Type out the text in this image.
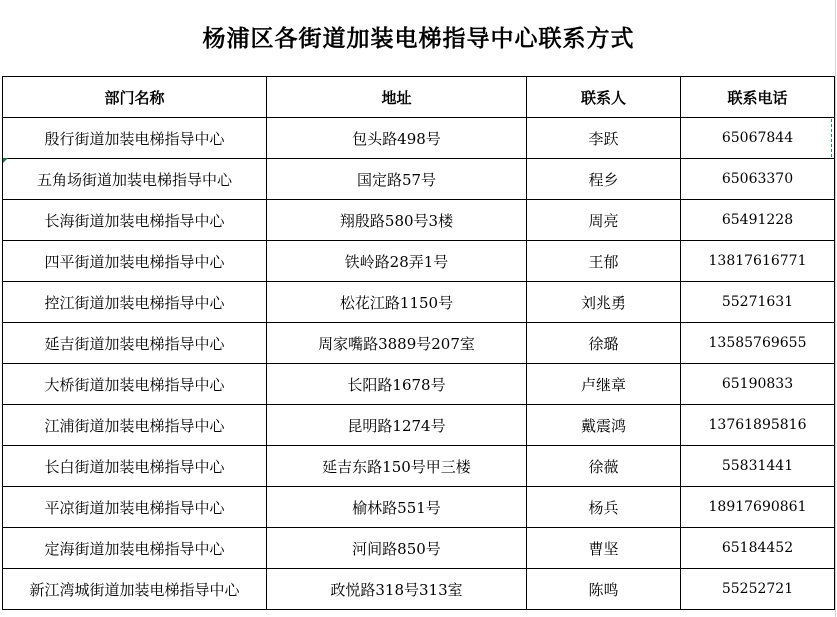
杨浦区各街道加装电梯指导中心联系方式
部门名称	地址	联系人	联系电话
殷行街道加装电梯指导中心	包头路498号	李跃	65067844
五角场街道加装电梯指导中心	国定路57号	程乡	65063370
长海街道加装电梯指导中心	翔殷路580号3楼	周亮	65491228
四平街道加装电梯指导中心	铁岭路28弄1号	王郁	13817616771
控江街道加装电梯指导中心	松花江路1150号	刘兆勇	55271631
延吉街道加装电梯指导中心	周家嘴路3889号207室	徐璐	13585769655
大桥街道加装电梯指导中心	长阳路1678号	卢继章	65190833
江浦街道加装电梯指导中心	昆明路1274号	戴震鸿	13761895816
长白街道加装电梯指导中心	延吉东路150号甲三楼	徐薇	55831441
平凉街道加装电梯指导中心	榆林路551号	杨兵	18917690861
定海街道加装电梯指导中心	河间路850号	曹坚	65184452
新江湾城街道加装电梯指导中心	政悦路318号313室	陈鸣	55252721
